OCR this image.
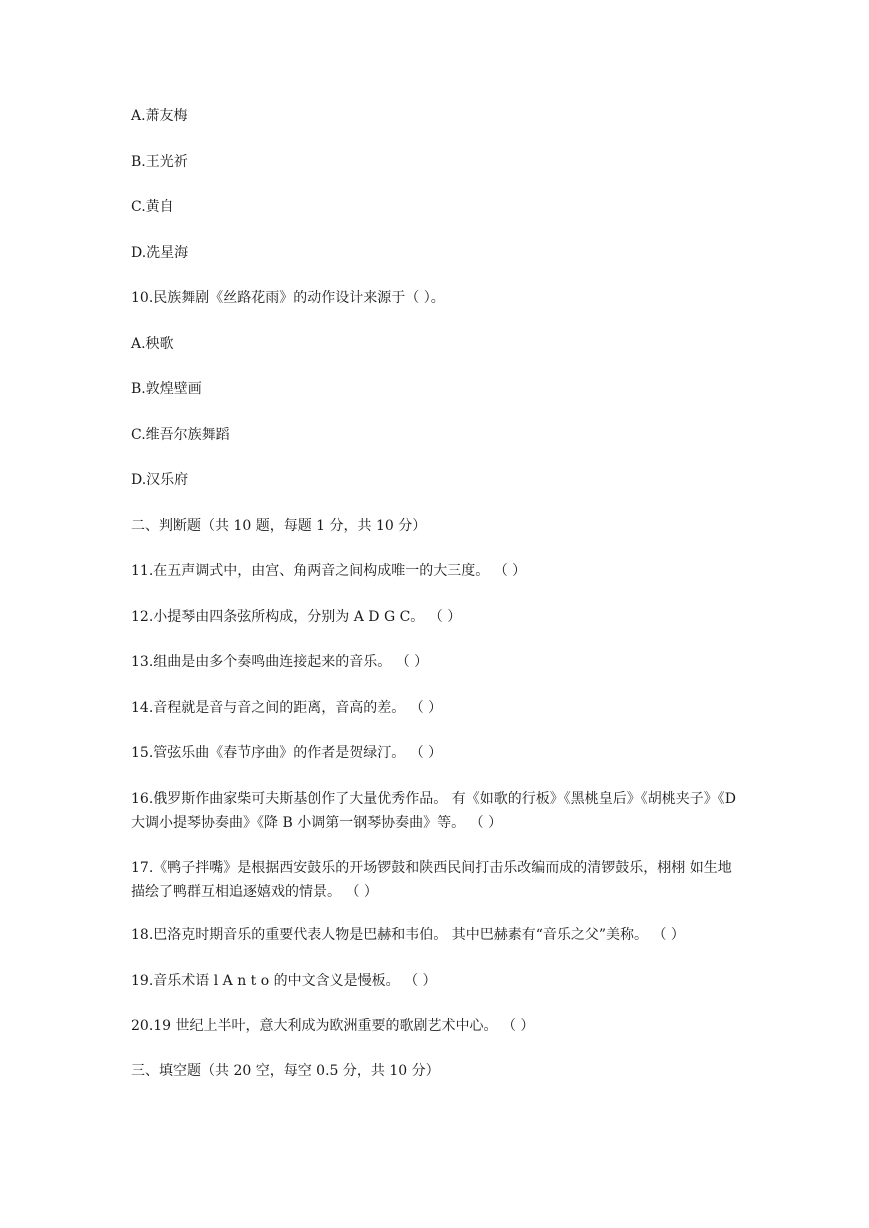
A.萧友梅

B.王光祈

C.黄自

D.冼星海

10.民族舞剧《丝路花雨》的动作设计来源于（ ）。

A.秧歌

B.敦煌壁画

C.维吾尔族舞蹈

D.汉乐府

二、判断题（共 10 题，每题 1 分，共 10 分）

11.在五声调式中，由宫、角两音之间构成唯一的大三度。 （ ）

12.小提琴由四条弦所构成，分别为 A D G C。 （ ）

13.组曲是由多个奏鸣曲连接起来的音乐。 （ ）

14.音程就是音与音之间的距离，音高的差。 （ ）

15.管弦乐曲《春节序曲》的作者是贺绿汀。 （ ）

16.俄罗斯作曲家柴可夫斯基创作了大量优秀作品。 有《如歌的行板》《黑桃皇后》《胡桃夹子》《D 大调小提琴协奏曲》《降 B 小调第一钢琴协奏曲》等。 （ ）

17.《鸭子拌嘴》是根据西安鼓乐的开场锣鼓和陕西民间打击乐改编而成的清锣鼓乐，栩栩 如生地描绘了鸭群互相追逐嬉戏的情景。 （ ）

18.巴洛克时期音乐的重要代表人物是巴赫和韦伯。 其中巴赫素有“音乐之父”美称。 （ ）

19.音乐术语 l A n t o 的中文含义是慢板。 （ ）

20.19 世纪上半叶，意大利成为欧洲重要的歌剧艺术中心。 （ ）

三、填空题（共 20 空，每空 0.5 分，共 10 分）
